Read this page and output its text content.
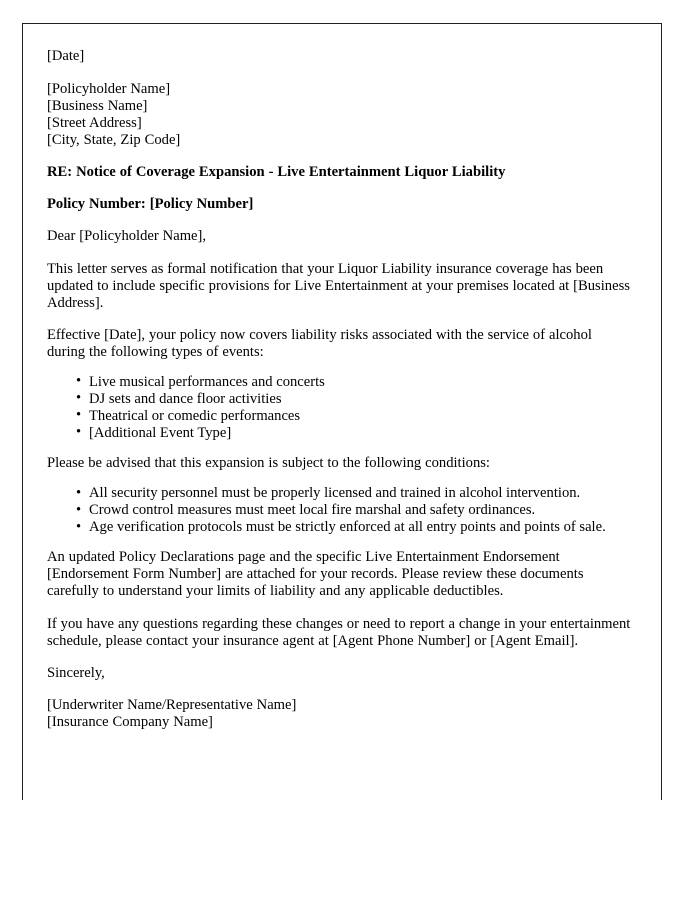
[Date]
[Policyholder Name]
[Business Name]
[Street Address]
[City, State, Zip Code]
RE: Notice of Coverage Expansion - Live Entertainment Liquor Liability
Policy Number: [Policy Number]
Dear [Policyholder Name],
This letter serves as formal notification that your Liquor Liability insurance coverage has been updated to include specific provisions for Live Entertainment at your premises located at [Business Address].
Effective [Date], your policy now covers liability risks associated with the service of alcohol during the following types of events:
• Live musical performances and concerts
• DJ sets and dance floor activities
• Theatrical or comedic performances
• [Additional Event Type]
Please be advised that this expansion is subject to the following conditions:
• All security personnel must be properly licensed and trained in alcohol intervention.
• Crowd control measures must meet local fire marshal and safety ordinances.
• Age verification protocols must be strictly enforced at all entry points and points of sale.
An updated Policy Declarations page and the specific Live Entertainment Endorsement [Endorsement Form Number] are attached for your records. Please review these documents carefully to understand your limits of liability and any applicable deductibles.
If you have any questions regarding these changes or need to report a change in your entertainment schedule, please contact your insurance agent at [Agent Phone Number] or [Agent Email].
Sincerely,
[Underwriter Name/Representative Name]
[Insurance Company Name]
